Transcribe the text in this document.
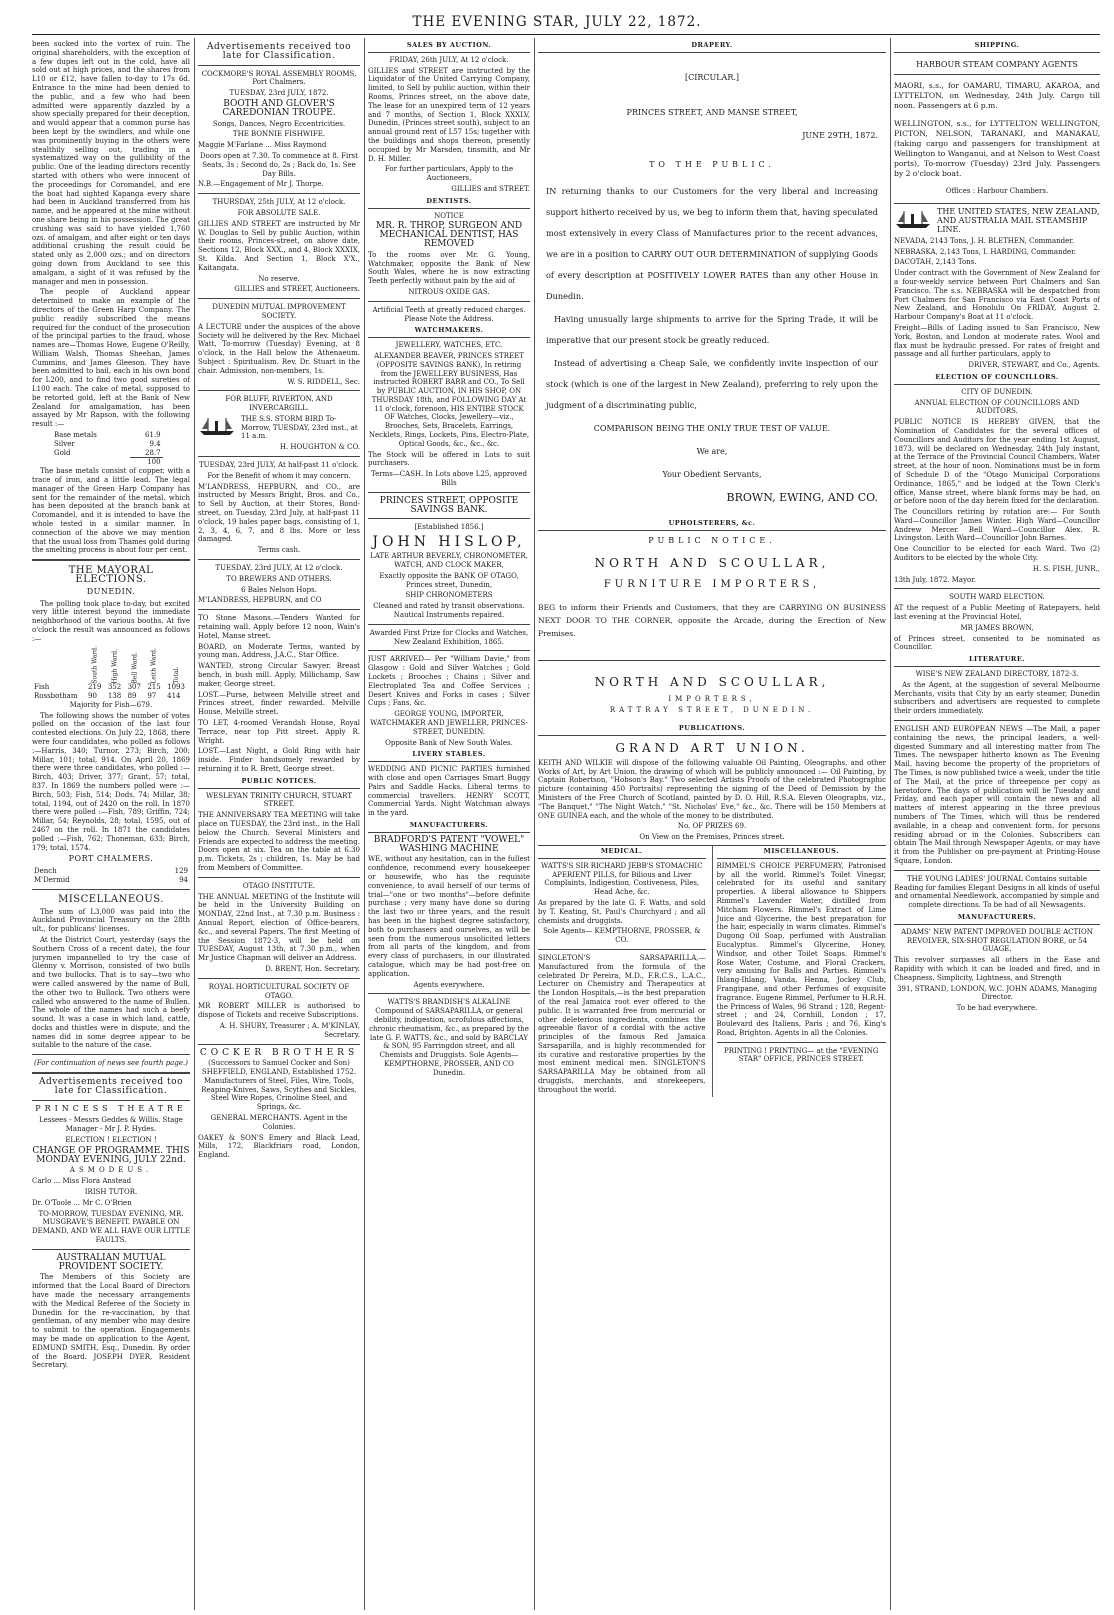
THE EVENING STAR, JULY 22, 1872.

been sucked into the vortex of ruin. The original shareholders, with the exception of a few dupes left out in the cold, have all sold out at high prices, and the shares from L10 or £12, have fallen to-day to 17s 6d. Entrance to the mine had been denied to the public, and a few who had been admitted were apparently dazzled by a show specially prepared for their deception, and would appear that a common purse has been kept by the swindlers, and while one was prominently buying in the others were stealthily selling out, trading in a systematized way on the gullibility of the public. One of the leading directors recently started with others who were innocent of the proceedings for Coromandel, and ere the boat had sighted Kapanga every share had been in Auckland transferred from his name, and he appeared at the mine without one share being in his possession. The great crushing was said to have yielded 1,760 ozs. of amalgam, and after eight or ten days additional crushing the result could be stated only as 2,000 ozs.; and on directors going down from Auckland to see this amalgam, a sight of it was refused by the manager and men in possession.

The people of Auckland appear determined to make an example of the directors of the Green Harp Company. The public readily subscribed the means required for the conduct of the prosecution of the principal parties to the fraud, whose names are—Thomas Howe, Eugene O'Reilly, William Walsh, Thomas Sheehan, James Cummins, and James Gleeson. They have been admitted to bail, each in his own bond for L200, and to find two good sureties of L100 each. The cake of metal, supposed to be retorted gold, left at the Bank of New Zealand for amalgamation, has been assayed by Mr Rapson, with the following result :—

Base metals	61.9
Silver	9.4
Gold	28.7
	100

The base metals consist of copper, with a trace of iron, and a little lead. The legal manager of the Green Harp Company has sent for the remainder of the metal, which has been deposited at the branch bank at Coromandel, and it is intended to have the whole tested in a similar manner. In connection of the above we may mention that the usual loss from Thames gold during the smelting process is about four per cent.

THE MAYORAL ELECTIONS.
DUNEDIN.

The polling took place to-day, but excited very little interest beyond the immediate neighborhood of the various booths. At five o'clock the result was announced as follows :—

	South Ward.	High Ward.	Bell Ward.	Leith Ward.	Total.
Fish	219	352	307	215	1093
Rossbotham	90	138	89	97	414

Majority for Fish—679.

The following shows the number of votes polled on the occasion of the last four contested elections. On July 22, 1868, there were four candidates, who polled as follows :—Harris, 340; Turnor, 273; Birch, 200; Millar, 101; total, 914. On April 20, 1869 there were three candidates, who polled :—Birch, 403; Driver, 377; Grant, 57; total, 837. In 1869 the numbers polled were :—Birch, 503; Fish, 514; Dods, 74; Millar, 38; total, 1194, out of 2420 on the roll. In 1870 there were polled :—Fish, 789; Griffin, 724; Millar, 54; Reynolds, 28; total, 1595, out of 2467 on the roll. In 1871 the candidates polled :—Fish, 762; Thoneman, 633; Birch, 179; total, 1574.

PORT CHALMERS.
Dench	129
M'Dermid	94
MISCELLANEOUS.

The sum of L3,000 was paid into the Auckland Provincial Treasury on the 28th ult., for publicans' licenses.

At the District Court, yesterday (says the Southern Cross of a recent date), the four jurymen impannelled to try the case of Glenny v. Morrison, consisted of two bulls and two bullocks. That is to say—two who were called answered by the name of Bull, the other two to Bullock. Two others were called who answered to the name of Bullen. The whole of the names had such a beefy sound. It was a case in which land, cattle, docks and thistles were in dispute, and the names did in some degree appear to be suitable to the nature of the case.

(For continuation of news see fourth page.)

Advertisements received too late for Classification.
PRINCESS THEATRE

Lessees - Messrs Geddes & Willis. Stage Manager - Mr J. P. Hydes.

ELECTION ! ELECTION !

CHANGE OF PROGRAMME. THIS MONDAY EVENING, JULY 22nd.

ASMODEUS.

Carlo ... Miss Flora Anstead

IRISH TUTOR.

Dr. O'Toole ... Mr C. O'Brien

TO-MORROW, TUESDAY EVENING, MR. MUSGRAVE'S BENEFIT. PAYABLE ON DEMAND, AND WE ALL HAVE OUR LITTLE FAULTS.

AUSTRALIAN MUTUAL PROVIDENT SOCIETY.

The Members of this Society are informed that the Local Board of Directors have made the necessary arrangements with the Medical Referee of the Society in Dunedin for the re-vaccination, by that gentleman, of any member who may desire to submit to the operation. Engagements may be made on application to the Agent, EDMUND SMITH, Esq., Dunedin. By order of the Board. JOSEPH DYER, Resident Secretary.

Advertisements received too late for Classification.

COCKMORE'S ROYAL ASSEMBLY ROOMS, Port Chalmers.

TUESDAY, 23rd JULY, 1872.

BOOTH AND GLOVER'S CAREDONIAN TROUPE.

Songs, Dances, Negro Eccentricities.

THE BONNIE FISHWIFE.

Maggie M'Farlane ... Miss Raymond

Doors open at 7.30. To commence at 8. First Seats, 3s ; Second do, 2s ; Back do, 1s. See Day Bills.

N.B.—Engagement of Mr J. Thorpe.

THURSDAY, 25th JULY, At 12 o'clock.

FOR ABSOLUTE SALE.

GILLIES AND STREET are instructed by Mr W. Douglas to Sell by public Auction, within their rooms, Princes-street, on above date, Sections 12, Block XXX., and 4, Block XXXIX, St. Kilda. And Section 1, Block X'X., Kaitangata.

No reserve.

GILLIES and STREET, Auctioneers.

DUNEDIN MUTUAL IMPROVEMENT SOCIETY.

A LECTURE under the auspices of the above Society will be delivered by the Rev. Michael Watt, To-morrow (Tuesday) Evening, at 8 o'clock, in the Hall below the Athenaeum. Subject : Spiritualism. Rev. Dr. Stuart in the chair. Admission, non-members, 1s.

W. S. RIDDELL, Sec.

FOR BLUFF, RIVERTON, AND INVERCARGILL.

THE S.S. STORM BIRD To-Morrow, TUESDAY, 23rd inst., at 11 a.m.

H. HOUGHTON & CO.

TUESDAY, 23rd JULY, At half-past 11 o'clock.

For the Benefit of whom it may concern.

M'LANDRESS, HEPBURN, and CO., are instructed by Messrs Bright, Bros. and Co., to Sell by Auction, at their Stores, Bond-street, on Tuesday, 23rd July, at half-past 11 o'clock, 19 bales paper bags, consisting of 1, 2, 3, 4, 6, 7, and 8 lbs. More or less damaged.

Terms cash.

TUESDAY, 23rd JULY, At 12 o'clock.

TO BREWERS AND OTHERS.

6 Bales Nelson Hops.

M'LANDRESS, HEPBURN, and CO

TO Stone Masons.—Tenders Wanted for retaining wall. Apply before 12 noon, Wain's Hotel, Manse street.

BOARD, on Moderate Terms, wanted by young man. Address, J.A.C., Star Office.

WANTED, strong Circular Sawyer. Breast bench, in bush mill. Apply, Millichamp, Saw maker, George street.

LOST.—Purse, between Melville street and Princes street, finder rewarded. Melville House, Melville street.

TO LET, 4-roomed Verandah House, Royal Terrace, near top Pitt street. Apply R. Wright.

LOST.—Last Night, a Gold Ring with hair inside. Finder handsomely rewarded by returning it to R. Brett, George street.

PUBLIC NOTICES.

WESLEYAN TRINITY CHURCH, STUART STREET.

THE ANNIVERSARY TEA MEETING will take place on TUESDAY, the 23rd inst., in the Hall below the Church. Several Ministers and Friends are expected to address the meeting. Doors open at six. Tea on the table at 6.30 p.m. Tickets, 2s ; children, 1s. May be had from Members of Committee.

OTAGO INSTITUTE.

THE ANNUAL MEETING of the Institute will be held in the University Building on MONDAY, 22nd Inst., at 7.30 p.m. Business : Annual Report, election of Office-bearers, &c., and several Papers. The first Meeting of the Session 1872-3, will be held on TUESDAY, August 13th, at 7.30 p.m., when Mr Justice Chapman will deliver an Address.

D. BRENT, Hon. Secretary.

ROYAL HORTICULTURAL SOCIETY OF OTAGO.

MR ROBERT MILLER is authorised to dispose of Tickets and receive Subscriptions.

A. H. SHURY, Treasurer ; A. M'KINLAY, Secretary.

COCKER BROTHERS

(Successors to Samuel Cocker and Son) SHEFFIELD, ENGLAND, Established 1752. Manufacturers of Steel, Files, Wire, Tools, Reaping-Knives, Saws, Scythes and Sickles, Steel Wire Ropes, Crinoline Steel, and Springs, &c.

GENERAL MERCHANTS. Agent in the Colonies.

OAKEY & SON'S Emery and Black Lead, Mills, 172, Blackfriars road, London, England.

SALES BY AUCTION.

FRIDAY, 26th JULY, At 12 o'clock.

GILLIES and STREET are instructed by the Liquidator of the United Carrying Company, limited, to Sell by public auction, within their Rooms, Princes street, on the above date, The lease for an unexpired term of 12 years and 7 months, of Section 1, Block XXXLV, Dunedin, (Princes street south), subject to an annual ground rent of L57 15s; together with the buildings and shops thereon, presently occupied by Mr Marsden, tinsmith, and Mr D. H. Miller.

For further particulars, Apply to the Auctioneers,

GILLIES and STREET.

DENTISTS.

NOTICE

MR. R. THROP, SURGEON AND MECHANICAL DENTIST, HAS REMOVED

To the rooms over Mr. G. Young, Watchmaker, opposite the Bank of New South Wales, where he is now extracting Teeth perfectly without pain by the aid of

NITROUS OXIDE GAS.

Artificial Teeth at greatly reduced charges. Please Note the Address.

WATCHMAKERS.

JEWELLERY, WATCHES, ETC.

ALEXANDER BEAVER, PRINCES STREET (OPPOSITE SAVINGS BANK), In retiring from the JEWELLERY BUSINESS, Has instructed ROBERT BARR and CO., To Sell by PUBLIC AUCTION, IN HIS SHOP, ON THURSDAY 18th, and FOLLOWING DAY At 11 o'clock, forenoon, HIS ENTIRE STOCK OF Watches, Clocks, Jewellery—viz., Brooches, Sets, Bracelets, Earrings, Necklets, Rings, Lockets, Pins, Electro-Plate, Optical Goods, &c., &c., &c.

The Stock will be offered in Lots to suit purchasers.

Terms—CASH. In Lots above L25, approved Bills

PRINCES STREET, OPPOSITE SAVINGS BANK.

[Established 1856.]

JOHN HISLOP,

LATE ARTHUR BEVERLY, CHRONOMETER, WATCH, AND CLOCK MAKER,

Exactly opposite the BANK OF OTAGO, Princes street, Dunedin,

SHIP CHRONOMETERS

Cleaned and rated by transit observations. Nautical Instruments repaired.

Awarded First Prize for Clocks and Watches, New Zealand Exhibition, 1865.

JUST ARRIVED— Per "William Davie," from Glasgow : Gold and Silver Watches ; Gold Lockets ; Brooches ; Chains ; Silver and Electroplated Tea and Coffee Services ; Desert Knives and Forks in cases ; Silver Cups ; Fans, &c.

GEORGE YOUNG, IMPORTER, WATCHMAKER AND JEWELLER, PRINCES-STREET, DUNEDIN.

Opposite Bank of New South Wales.

LIVERY STABLES.

WEDDING AND PICNIC PARTIES furnished with close and open Carriages Smart Buggy Pairs and Saddle Hacks. Liberal terms to commercial travellers. HENRY SCOTT, Commercial Yards. Night Watchman always in the yard.

MANUFACTURERS.

BRADFORD'S PATENT "VOWEL" WASHING MACHINE

WE, without any hesitation, can in the fullest confidence, recommend every housekeeper or housewife, who has the requisite convenience, to avail herself of our terms of trial—"one or two months"—before definite purchase ; very many have done so during the last two or three years, and the result has been in the highest degree satisfactory, both to purchasers and ourselves, as will be seen from the numerous unsolicited letters from all parts of the kingdom, and from every class of purchasers, in our illustrated catalogue, which may be had post-free on application.

Agents everywhere.

WATTS'S BRANDISH'S ALKALINE Compound of SARSAPARILLA, or general debility, indigestion, scrofulous affections, chronic rheumatism, &c., as prepared by the late G. F. WATTS, &c., and sold by BARCLAY & SON, 95 Farringdon street, and all Chemists and Druggists. Sole Agents— KEMPTHORNE, PROSSER, AND CO Dunedin.

DRAPERY.

[CIRCULAR.]

PRINCES STREET, AND MANSE STREET,

JUNE 29TH, 1872.

TO THE PUBLIC.

IN returning thanks to our Customers for the very liberal and increasing support hitherto received by us, we beg to inform them that, having speculated most extensively in every Class of Manufactures prior to the recent advances, we are in a position to CARRY OUT OUR DETERMINATION of supplying Goods of every description at POSITIVELY LOWER RATES than any other House in Dunedin.

Having unusually large shipments to arrive for the Spring Trade, it will be imperative that our present stock be greatly reduced.

Instead of advertising a Cheap Sale, we confidently invite inspection of our stock (which is one of the largest in New Zealand), preferring to rely upon the judgment of a discriminating public,

COMPARISON BEING THE ONLY TRUE TEST OF VALUE.

We are,

Your Obedient Servants,

BROWN, EWING, AND CO.

UPHOLSTERERS, &c.

PUBLIC NOTICE.

NORTH AND SCOULLAR,

FURNITURE IMPORTERS,

BEG to inform their Friends and Customers, that they are CARRYING ON BUSINESS NEXT DOOR TO THE CORNER, opposite the Arcade, during the Erection of New Premises.

NORTH AND SCOULLAR,

IMPORTERS,

RATTRAY STREET, DUNEDIN.

PUBLICATIONS.

GRAND ART UNION.

KEITH AND WILKIE will dispose of the following valuable Oil Painting, Oleographs, and other Works of Art, by Art Union, the drawing of which will be publicly announced :— Oil Painting, by Captain Robertson, "Hobson's Bay." Two selected Artists Proofs of the celebrated Photographic picture (containing 450 Portraits) representing the signing of the Deed of Demission by the Ministers of the Free Church of Scotland, painted by D. O. Hill, R.S.A. Eleven Oleographs, viz., "The Banquet," "The Night Watch," "St. Nicholas' Eve," &c., &c. There will be 150 Members at ONE GUINEA each, and the whole of the money to be distributed.

No. OF PRIZES 69.

On View on the Premises, Princes street.

MEDICAL.

WATTS'S SIR RICHARD JEBB'S STOMACHIC APERIENT PILLS, for Bilious and Liver Complaints, Indigestion, Costiveness, Piles, Head Ache, &c.

As prepared by the late G. F. Watts, and sold by T. Keating, St. Paul's Churchyard ; and all chemists and druggists.

Sole Agents— KEMPTHORNE, PROSSER, & CO.

SINGLETON'S SARSAPARILLA,— Manufactured from the formula of the celebrated Dr Pereira, M.D., F.R.C.S., L.A.C., Lecturer on Chemistry and Therapeutics at the London Hospitals,—is the best preparation of the real Jamaica root ever offered to the public. It is warranted free from mercurial or other deleterious ingredients, combines the agreeable flavor of a cordial with the active principles of the famous Red Jamaica Sarsaparilla, and is highly recommended for its curative and restorative properties by the most eminent medical men. SINGLETON'S SARSAPARILLA May be obtained from all druggists, merchants, and storekeepers, throughout the world.

MISCELLANEOUS.

RIMMEL'S CHOICE PERFUMERY, Patronised by all the world. Rimmel's Toilet Vinegar, celebrated for its useful and sanitary properties. A liberal allowance to Shippers Rimmel's Lavender Water, distilled from Mitcham Flowers. Rimmel's Extract of Lime Juice and Glycerine, the best preparation for the hair, especially in warm climates. Rimmel's Dugong Oil Soap, perfumed with Australian Eucalyptus. Rimmel's Glycerine, Honey, Windsor, and other Toilet Soaps. Rimmel's Rose Water, Costume, and Floral Crackers, very amusing for Balls and Parties. Rimmel's Ihlang-Ihlang, Vanda, Henna, Jockey Club, Frangipane, and other Perfumes of exquisite fragrance. Eugene Rimmel, Perfumer to H.R.H. the Princess of Wales, 96 Strand ; 128, Regent-street ; and 24, Cornhill, London ; 17, Boulevard des Italiens, Paris ; and 76, King's Road, Brighton. Agents in all the Colonies.

PRINTING ! PRINTING— at the "EVENING STAR" OFFICE, PRINCES STREET.

SHIPPING.

HARBOUR STEAM COMPANY AGENTS

MAORI, s.s., for OAMARU, TIMARU, AKAROA, and LYTTELTON, on Wednesday, 24th July. Cargo till noon. Passengers at 6 p.m.

WELLINGTON, s.s., for LYTTELTON WELLINGTON, PICTON, NELSON, TARANAKI, and MANAKAU, (taking cargo and passengers for transhipment at Wellington to Wanganui, and at Nelson to West Coast ports), To-morrow (Tuesday) 23rd July. Passengers by 2 o'clock boat.

Offices : Harbour Chambers.

THE UNITED STATES, NEW ZEALAND, AND AUSTRALIA MAIL STEAMSHIP LINE.

NEVADA, 2143 Tons, J. H. BLETHEN, Commander.

NEBRASKA, 2,143 Tons, I. HARDING, Commander.

DACOTAH, 2,143 Tons.

Under contract with the Government of New Zealand for a four-weekly service between Port Chalmers and San Francisco. The s.s. NEBRASKA will be despatched from Port Chalmers for San Francisco via East Coast Ports of New Zealand, and Honolulu On FRIDAY, August 2. Harbour Company's Boat at 11 o'clock.

Freight—Bills of Lading issued to San Francisco, New York, Boston, and London at moderate rates. Wool and flax must be hydraulic pressed. For rates of freight and passage and all further particulars, apply to

DRIVER, STEWART, and Co., Agents.

ELECTION OF COUNCILLORS.

CITY OF DUNEDIN.

ANNUAL ELECTION OF COUNCILLORS AND AUDITORS.

PUBLIC NOTICE IS HEREBY GIVEN, that the Nomination of Candidates for the several offices of Councillors and Auditors for the year ending 1st August, 1873, will be declared on Wednesday, 24th July instant, at the Terrace of the Provincial Council Chambers, Water street, at the hour of noon. Nominations must be in form of Schedule D of the "Otago Municipal Corporations Ordinance, 1865," and be lodged at the Town Clerk's office, Manse street, where blank forms may be had, on or before noon of the day herein fixed for the declaration.

The Councillors retiring by rotation are:— For South Ward—Councillor James Winter. High Ward—Councillor Andrew Mercer. Bell Ward—Councillor Alex. R. Livingston. Leith Ward—Councillor John Barnes.

One Councillor to be elected for each Ward. Two (2) Auditors to be elected by the whole City.

H. S. FISH, JUNR.,

13th July, 1872. Mayor.

SOUTH WARD ELECTION.

AT the request of a Public Meeting of Ratepayers, held last evening at the Provincial Hotel,

MR JAMES BROWN,

of Princes street, consented to be nominated as Councillor.

LITERATURE.

WISE'S NEW ZEALAND DIRECTORY, 1872-3.

As the Agent, at the suggestion of several Melbourne Merchants, visits that City by an early steamer, Dunedin subscribers and advertisers are requested to complete their orders immediately.

ENGLISH AND EUROPEAN NEWS —The Mail, a paper containing the news, the principal leaders, a well-digested Summary and all interesting matter from The Times. The newspaper hitherto known as The Evening Mail, having become the property of the proprietors of The Times, is now published twice a week, under the title of The Mail, at the price of threepence per copy as heretofore. The days of publication will be Tuesday and Friday, and each paper will contain the news and all matters of interest appearing in the three previous numbers of The Times, which will thus be rendered available, in a cheap and convenient form, for persons residing abroad or in the Colonies. Subscribers can obtain The Mail through Newspaper Agents, or may have it from the Publisher on pre-payment at Printing-House Square, London.

THE YOUNG LADIES' JOURNAL Contains suitable Reading for families Elegant Designs in all kinds of useful and ornamental Needlework, accompanied by simple and complete directions. To be had of all Newsagents.

MANUFACTURERS.

ADAMS' NEW PATENT IMPROVED DOUBLE ACTION REVOLVER, SIX-SHOT REGULATION BORE, or 54 GUAGE.

This revolver surpasses all others in the Ease and Rapidity with which it can be loaded and fired, and in Cheapness, Simplicity, Lightness, and Strength

391, STRAND, LONDON, W.C. JOHN ADAMS, Managing Director.

To be had everywhere.
